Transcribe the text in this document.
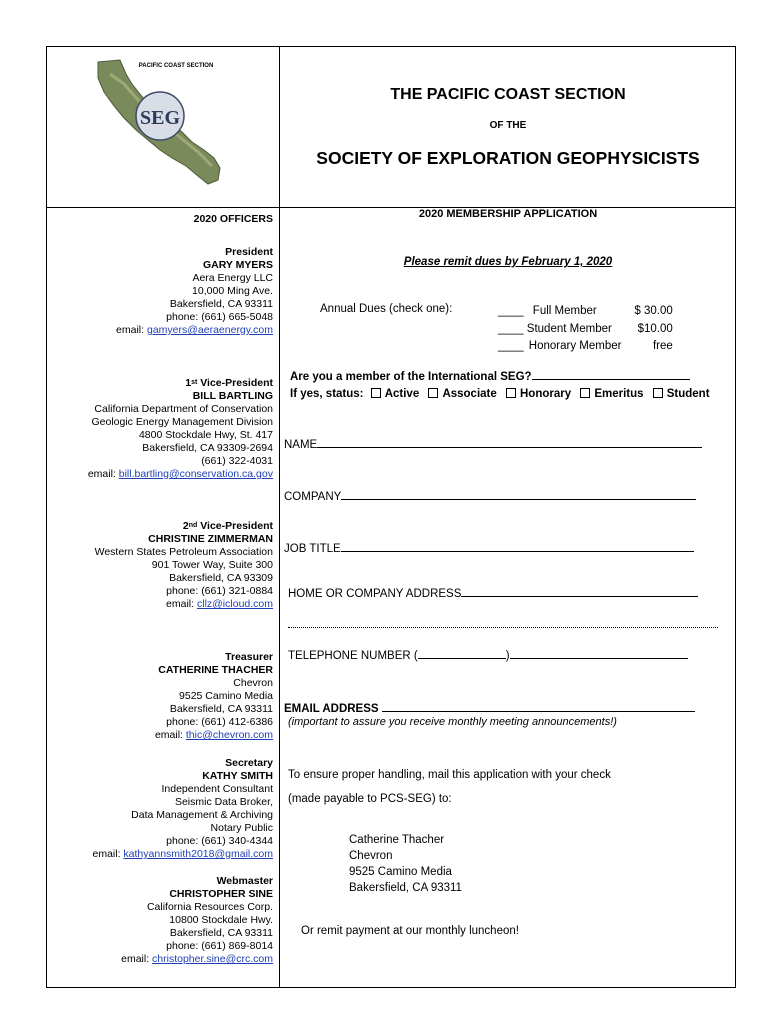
SEG
PACIFIC COAST SECTION
THE PACIFIC COAST SECTION
OF THE
SOCIETY OF EXPLORATION GEOPHYSICISTS
2020 OFFICERS
President
GARY MYERS
Aera Energy LLC
10,000 Ming Ave.
Bakersfield, CA 93311
phone: (661) 665-5048
email: gamyers@aeraenergy.com
1st Vice-President
BILL BARTLING
California Department of Conservation
Geologic Energy Management Division
4800 Stockdale Hwy, St. 417
Bakersfield, CA 93309-2694
(661) 322-4031
email: bill.bartling@conservation.ca.gov
2nd Vice-President
CHRISTINE ZIMMERMAN
Western States Petroleum Association
901 Tower Way, Suite 300
Bakersfield, CA 93309
phone: (661) 321-0884
email: cllz@icloud.com
Treasurer
CATHERINE THACHER
Chevron
9525 Camino Media
Bakersfield, CA 93311
phone: (661) 412-6386
email: thic@chevron.com
Secretary
KATHY SMITH
Independent Consultant
Seismic Data Broker,
Data Management & Archiving
Notary Public
phone: (661) 340-4344
email: kathyannsmith2018@gmail.com
Webmaster
CHRISTOPHER SINE
California Resources Corp.
10800 Stockdale Hwy.
Bakersfield, CA 93311
phone: (661) 869-8014
email: christopher.sine@crc.com
2020 MEMBERSHIP APPLICATION
Please remit dues by February 1, 2020
Annual Dues (check one):	____ Full Member	$ 30.00
____ Student Member $10.00
____ Honorary Member	free
Are you a member of the International SEG?
If yes, status: Active Associate Honorary Emeritus Student
NAME
COMPANY
JOB TITLE
HOME OR COMPANY ADDRESS
TELEPHONE NUMBER (	)
EMAIL ADDRESS
(important to assure you receive monthly meeting announcements!)
To ensure proper handling, mail this application with your check
(made payable to PCS-SEG) to:
Catherine Thacher
Chevron
9525 Camino Media
Bakersfield, CA 93311
Or remit payment at our monthly luncheon!
